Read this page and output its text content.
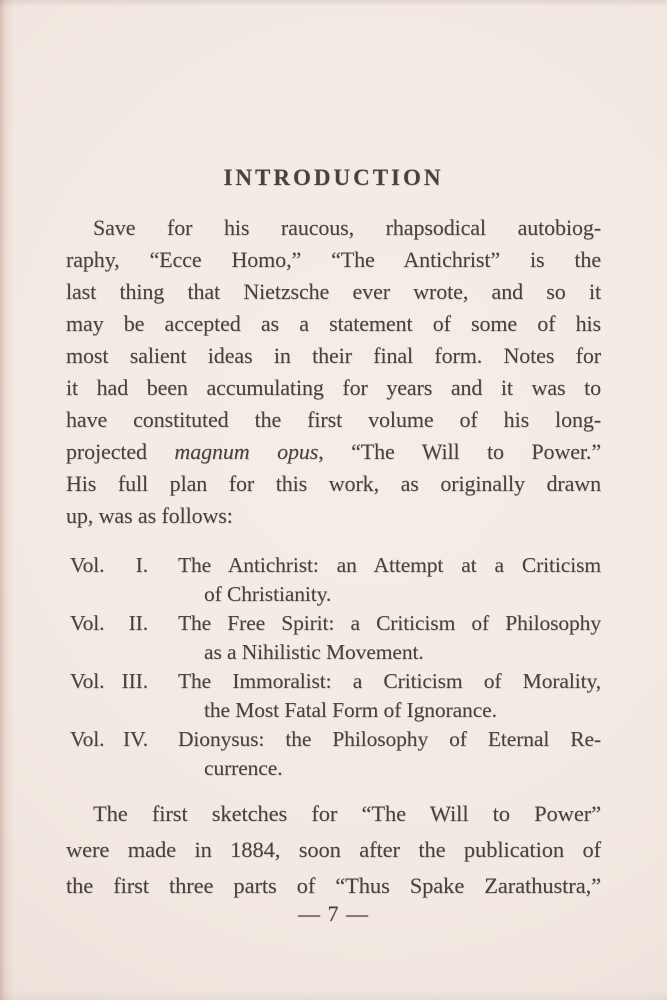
INTRODUCTION
Save for his raucous, rhapsodical autobiog-
raphy, “Ecce Homo,” “The Antichrist” is the
last thing that Nietzsche ever wrote, and so it
may be accepted as a statement of some of his
most salient ideas in their final form. Notes for
it had been accumulating for years and it was to
have constituted the first volume of his long-
projected magnum opus, “The Will to Power.”
His full plan for this work, as originally drawn
up, was as follows:
Vol.	I. The Antichrist: an Attempt at a Criticism
of Christianity.
Vol.	II. The Free Spirit: a Criticism of Philosophy
as a Nihilistic Movement.
Vol. III. The Immoralist: a Criticism of Morality,
the Most Fatal Form of Ignorance.
Vol. IV. Dionysus: the Philosophy of Eternal Re-
currence.
The first sketches for “The Will to Power”
were made in 1884, soon after the publication of
the first three parts of “Thus Spake Zarathustra,”
— 7 —
